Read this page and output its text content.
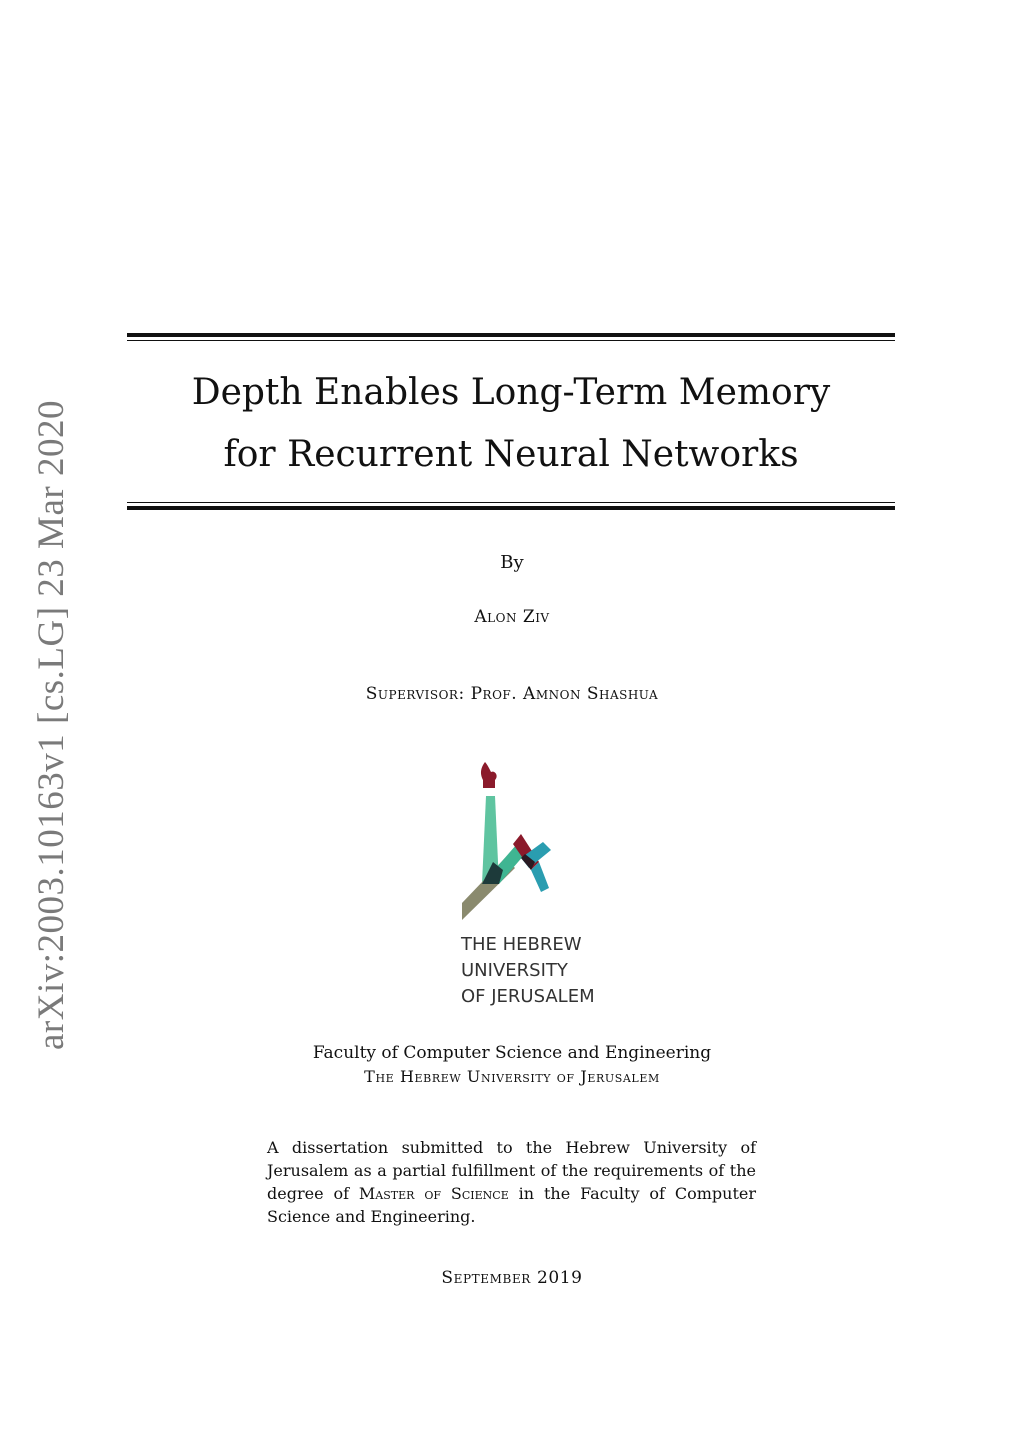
arXiv:2003.10163v1 [cs.LG] 23 Mar 2020
Depth Enables Long-Term Memory
for Recurrent Neural Networks
By
Alon Ziv
Supervisor: Prof. Amnon Shashua
THE HEBREW
UNIVERSITY
OF JERUSALEM
Faculty of Computer Science and Engineering
The Hebrew University of Jerusalem

A dissertation submitted to the Hebrew University of Jerusalem as a partial fulfillment of the requirements of the degree of Master of Science in the Faculty of Computer Science and Engineering.

September 2019
